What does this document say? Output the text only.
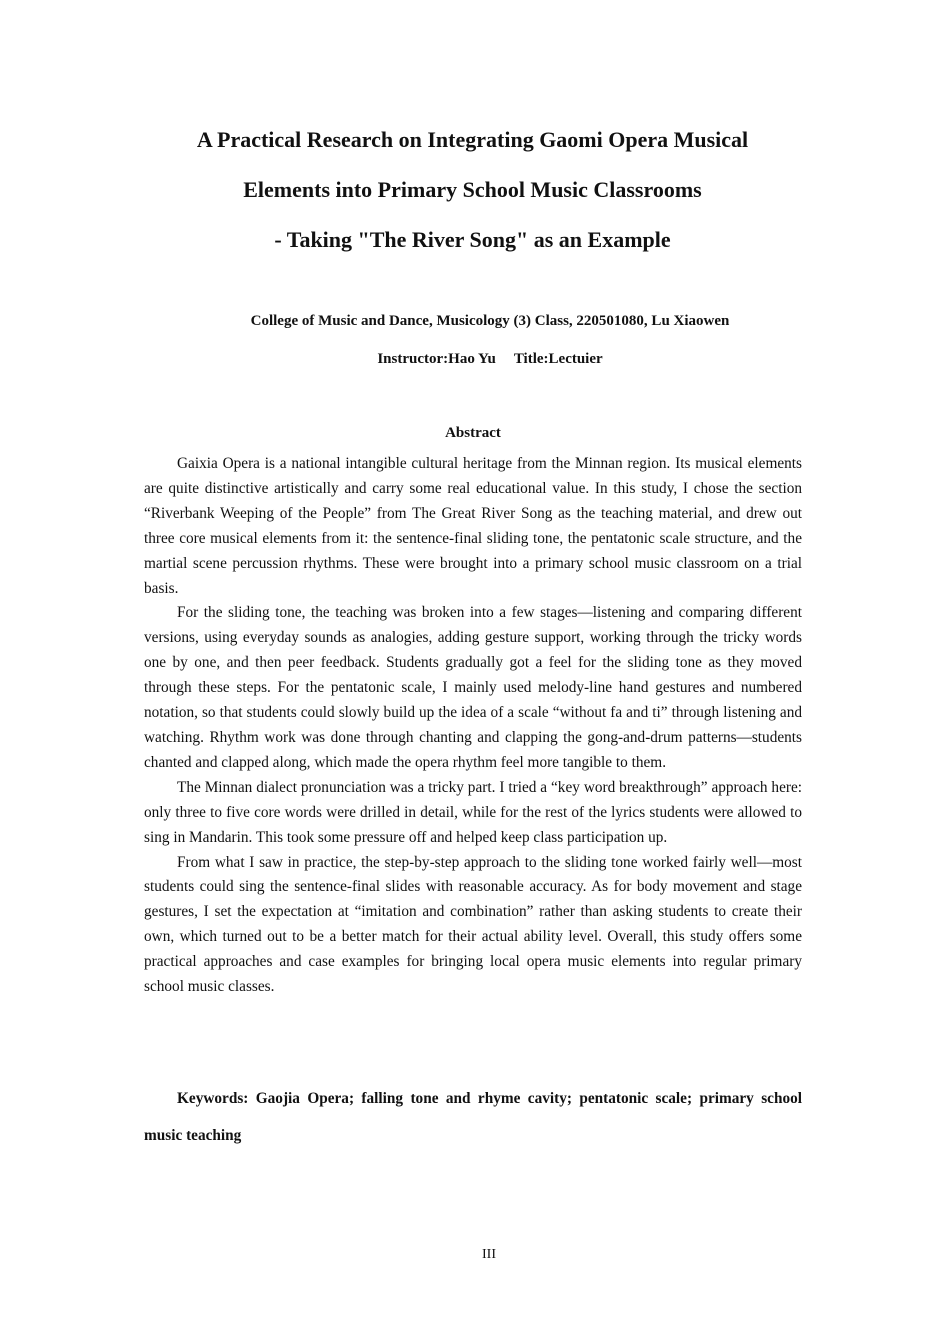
A Practical Research on Integrating Gaomi Opera Musical
Elements into Primary School Music Classrooms
- Taking "The River Song" as an Example
College of Music and Dance, Musicology (3) Class, 220501080, Lu Xiaowen
Instructor:Hao Yu Title:Lectuier
Abstract

Gaixia Opera is a national intangible cultural heritage from the Minnan region. Its musical elements are quite distinctive artistically and carry some real educational value. In this study, I chose the section “Riverbank Weeping of the People” from The Great River Song as the teaching material, and drew out three core musical elements from it: the sentence-final sliding tone, the pentatonic scale structure, and the martial scene percussion rhythms. These were brought into a primary school music classroom on a trial basis.

For the sliding tone, the teaching was broken into a few stages—listening and comparing different versions, using everyday sounds as analogies, adding gesture support, working through the tricky words one by one, and then peer feedback. Students gradually got a feel for the sliding tone as they moved through these steps. For the pentatonic scale, I mainly used melody-line hand gestures and numbered notation, so that students could slowly build up the idea of a scale “without fa and ti” through listening and watching. Rhythm work was done through chanting and clapping the gong-and-drum patterns—students chanted and clapped along, which made the opera rhythm feel more tangible to them.

The Minnan dialect pronunciation was a tricky part. I tried a “key word breakthrough” approach here: only three to five core words were drilled in detail, while for the rest of the lyrics students were allowed to sing in Mandarin. This took some pressure off and helped keep class participation up.

From what I saw in practice, the step-by-step approach to the sliding tone worked fairly well—most students could sing the sentence-final slides with reasonable accuracy. As for body movement and stage gestures, I set the expectation at “imitation and combination” rather than asking students to create their own, which turned out to be a better match for their actual ability level. Overall, this study offers some practical approaches and case examples for bringing local opera music elements into regular primary school music classes.

Keywords: Gaojia Opera; falling tone and rhyme cavity; pentatonic scale; primary school music teaching

III
